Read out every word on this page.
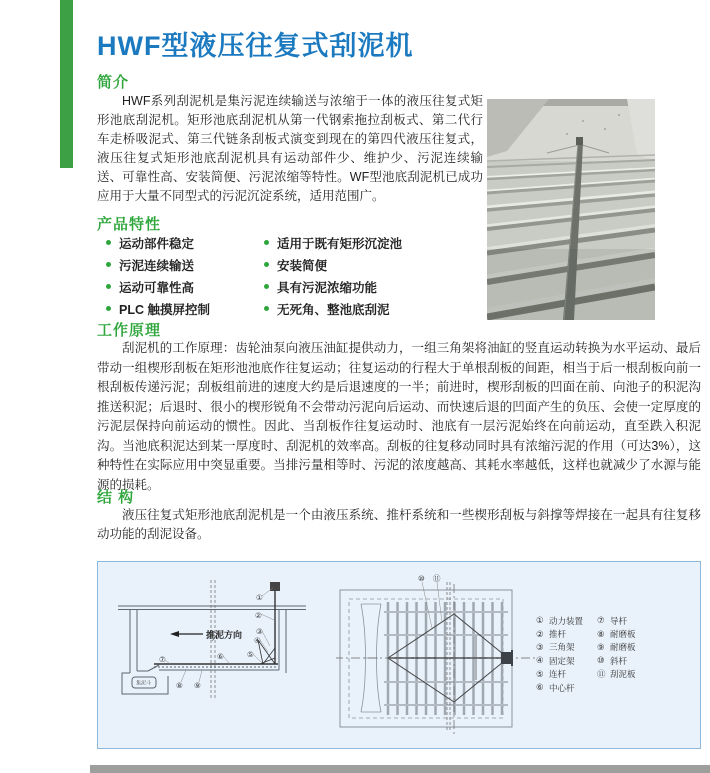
HWF型液压往复式刮泥机
简介

HWF系列刮泥机是集污泥连续输送与浓缩于一体的液压往复式矩形池底刮泥机。矩形池底刮泥机从第一代钢索拖拉刮板式、第二代行车走桥吸泥式、第三代链条刮板式演变到现在的第四代液压往复式，液压往复式矩形池底刮泥机具有运动部件少、维护少、污泥连续输送、可靠性高、安装简便、污泥浓缩等特性。WF型池底刮泥机已成功应用于大量不同型式的污泥沉淀系统，适用范围广。

产品特性
运动部件稳定
污泥连续输送
运动可靠性高
PLC 触摸屏控制
适用于既有矩形沉淀池
安装简便
具有污泥浓缩功能
无死角、整池底刮泥
工作原理

刮泥机的工作原理：齿轮油泵向液压油缸提供动力，一组三角架将油缸的竖直运动转换为水平运动、最后带动一组楔形刮板在矩形池池底作往复运动；往复运动的行程大于单根刮板的间距，相当于后一根刮板向前一根刮板传递污泥；刮板组前进的速度大约是后退速度的一半；前进时，楔形刮板的凹面在前、向池子的积泥沟推送积泥；后退时、很小的楔形锐角不会带动污泥向后运动、而快速后退的凹面产生的负压、会使一定厚度的污泥层保持向前运动的惯性。因此、当刮板作往复运动时、池底有一层污泥始终在向前运动，直至跌入积泥沟。当池底积泥达到某一厚度时、刮泥机的效率高。刮板的往复移动同时具有浓缩污泥的作用（可达3%），这种特性在实际应用中突显重要。当排污量相等时、污泥的浓度越高、其耗水率越低，这样也就减少了水源与能源的损耗。

结 构

液压往复式矩形池底刮泥机是一个由液压系统、推杆系统和一些楔形刮板与斜撑等焊接在一起具有往复移动功能的刮泥设备。

推泥方向
集泥斗
①
②
③
④
⑤
⑥
⑦
⑧ ⑨
⑩ ⑪
① 动力装置
② 推杆
③ 三角架
④ 固定架
⑤ 连杆
⑥ 中心杆
⑦ 导杆
⑧ 耐磨板
⑨ 耐磨板
⑩ 斜杆
⑪ 刮泥板
